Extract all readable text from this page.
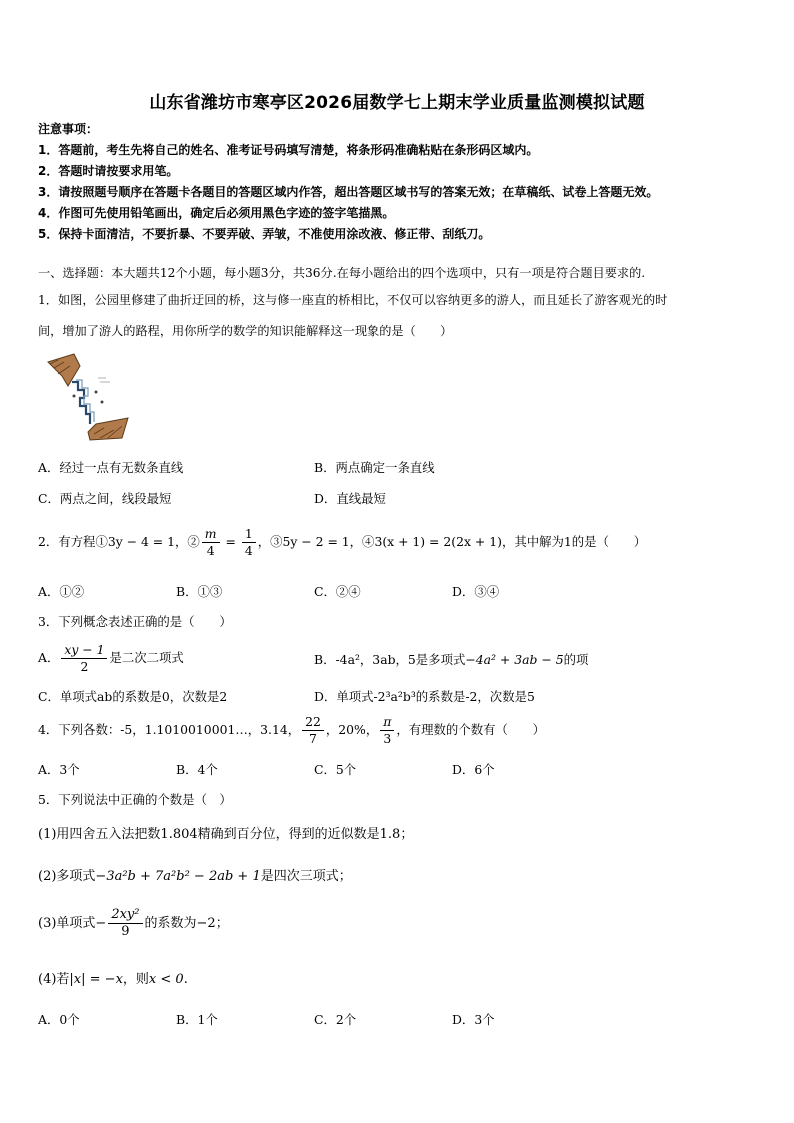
山东省潍坊市寒亭区2026届数学七上期末学业质量监测模拟试题
注意事项：
1．答题前，考生先将自己的姓名、准考证号码填写清楚，将条形码准确粘贴在条形码区域内。
2．答题时请按要求用笔。
3．请按照题号顺序在答题卡各题目的答题区域内作答，超出答题区域书写的答案无效；在草稿纸、试卷上答题无效。
4．作图可先使用铅笔画出，确定后必须用黑色字迹的签字笔描黑。
5．保持卡面清洁，不要折暴、不要弄破、弄皱，不准使用涂改液、修正带、刮纸刀。
一、选择题：本大题共12个小题，每小题3分，共36分.在每小题给出的四个选项中，只有一项是符合题目要求的.
1．如图，公园里修建了曲折迂回的桥，这与修一座直的桥相比，不仅可以容纳更多的游人，而且延长了游客观光的时
间，增加了游人的路程，用你所学的数学的知识能解释这一现象的是（　　）
A．经过一点有无数条直线	B．两点确定一条直线
C．两点之间，线段最短	D．直线最短
2．有方程①3y − 4 = 1，② $\frac{m}{4} = \frac{1}{4}$ ，③5y − 2 = 1，④3(x + 1) = 2(2x + 1)，其中解为1的是（　　）
A．①②	B．①③	C．②④	D．③④
3．下列概念表述正确的是（　　）
A． $\frac{xy - 1}{2}$ 是二次二项式	B．-4a²，3ab，5是多项式−4a² + 3ab − 5的项
C．单项式ab的系数是0，次数是2	D．单项式-2³a²b³的系数是-2，次数是5
4．下列各数：-5，1.1010010001…，3.14， $\frac{22}{7}$ ，20%， $\frac{\pi}{3}$ ，有理数的个数有（　　）
A．3个	B．4个	C．5个	D．6个
5．下列说法中正确的个数是（　）
(1)用四舍五入法把数1.804精确到百分位，得到的近似数是1.8；
(2)多项式−3a²b + 7a²b² − 2ab + 1是四次三项式；
(3)单项式− $\frac{\text{2xy²}}{9}$ 的系数为−2；
(4)若|x| = −x，则x < 0.
A．0个	B．1个	C．2个	D．3个
